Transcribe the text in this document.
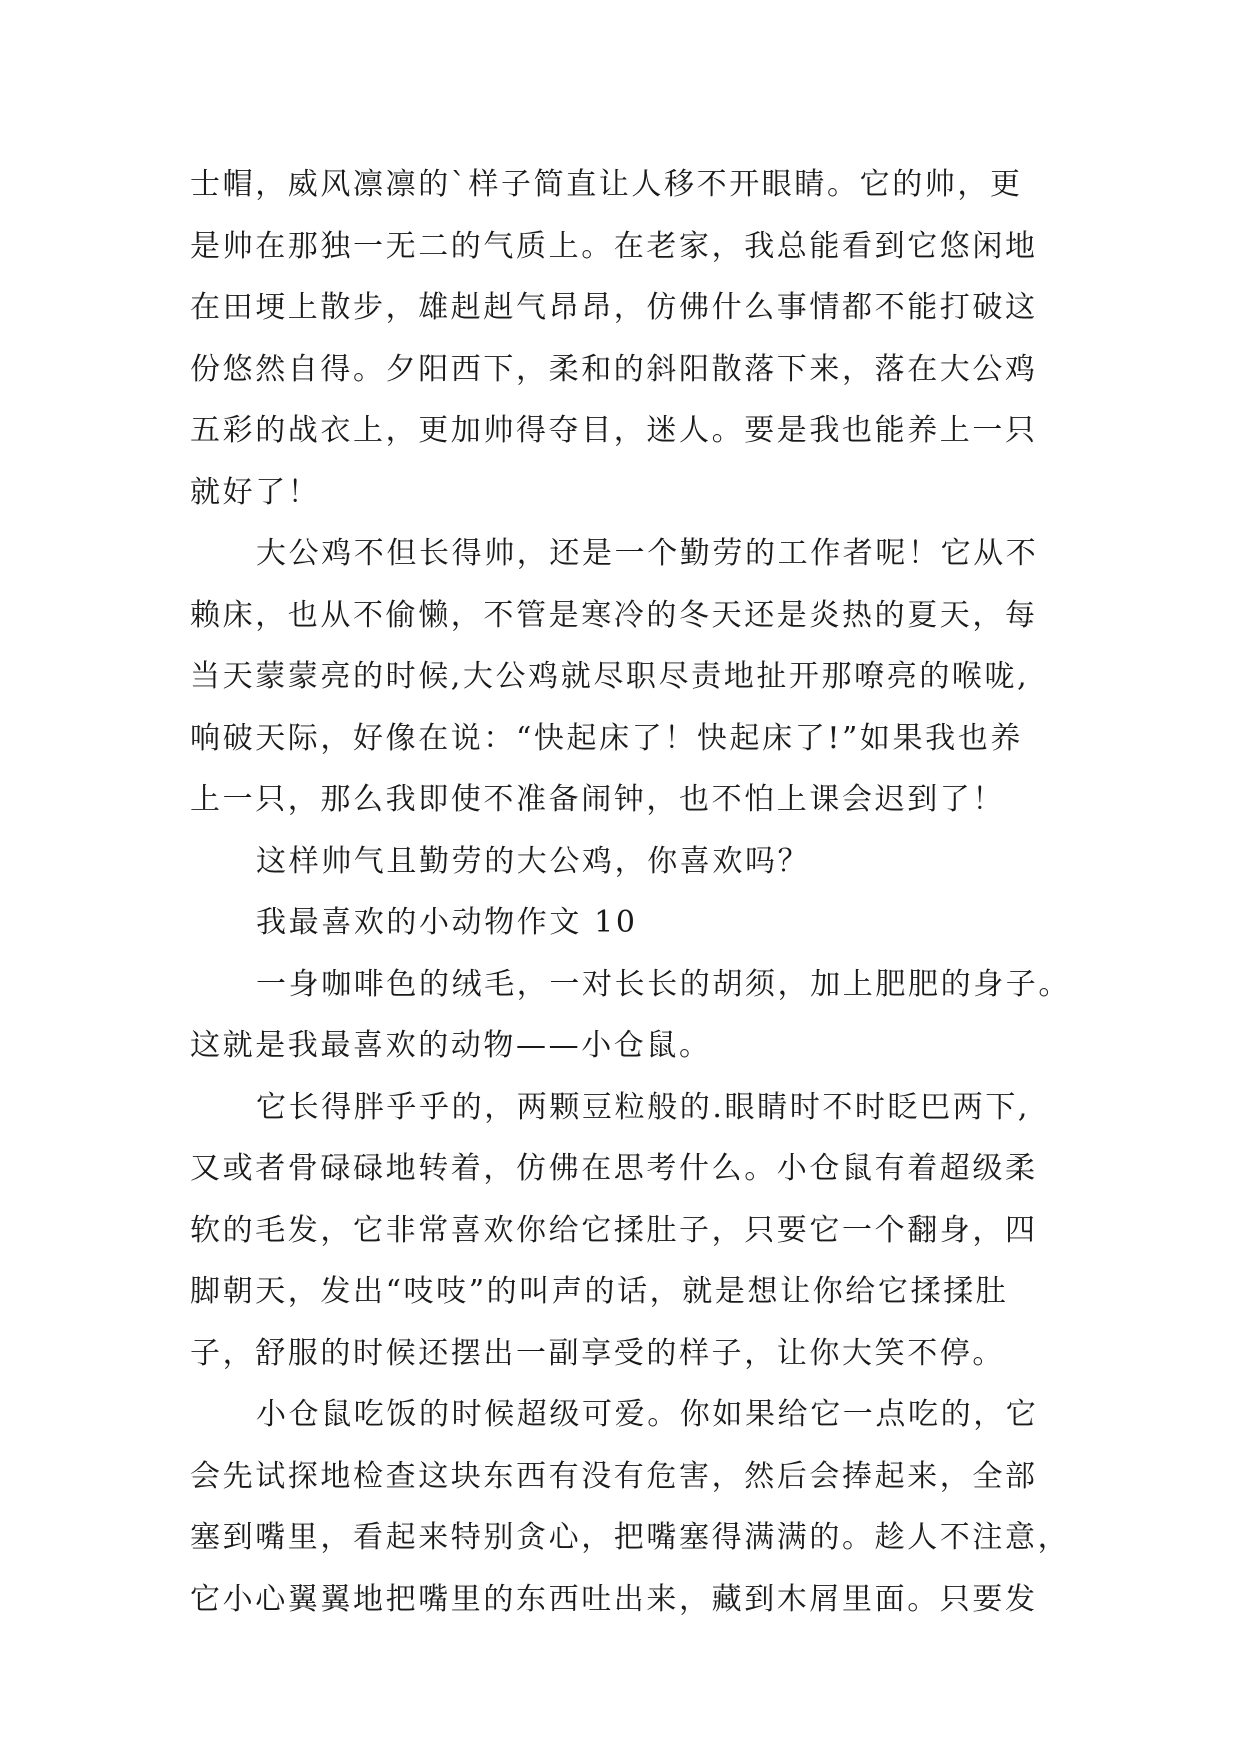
士帽，威风凛凛的`样子简直让人移不开眼睛。它的帅，更
是帅在那独一无二的气质上。在老家，我总能看到它悠闲地
在田埂上散步，雄赳赳气昂昂，仿佛什么事情都不能打破这
份悠然自得。夕阳西下，柔和的斜阳散落下来，落在大公鸡
五彩的战衣上，更加帅得夺目，迷人。要是我也能养上一只
就好了！
大公鸡不但长得帅，还是一个勤劳的工作者呢！它从不
赖床，也从不偷懒，不管是寒冷的冬天还是炎热的夏天，每
当天蒙蒙亮的时候,大公鸡就尽职尽责地扯开那嘹亮的喉咙,
响破天际，好像在说：“快起床了！快起床了!”如果我也养
上一只，那么我即使不准备闹钟，也不怕上课会迟到了！
这样帅气且勤劳的大公鸡，你喜欢吗？
我最喜欢的小动物作文 10
一身咖啡色的绒毛，一对长长的胡须，加上肥肥的身子。
这就是我最喜欢的动物——小仓鼠。
它长得胖乎乎的，两颗豆粒般的.眼睛时不时眨巴两下,
又或者骨碌碌地转着，仿佛在思考什么。小仓鼠有着超级柔
软的毛发，它非常喜欢你给它揉肚子，只要它一个翻身，四
脚朝天，发出“吱吱”的叫声的话，就是想让你给它揉揉肚
子，舒服的时候还摆出一副享受的样子，让你大笑不停。
小仓鼠吃饭的时候超级可爱。你如果给它一点吃的，它
会先试探地检查这块东西有没有危害，然后会捧起来，全部
塞到嘴里，看起来特别贪心，把嘴塞得满满的。趁人不注意，
它小心翼翼地把嘴里的东西吐出来，藏到木屑里面。只要发
